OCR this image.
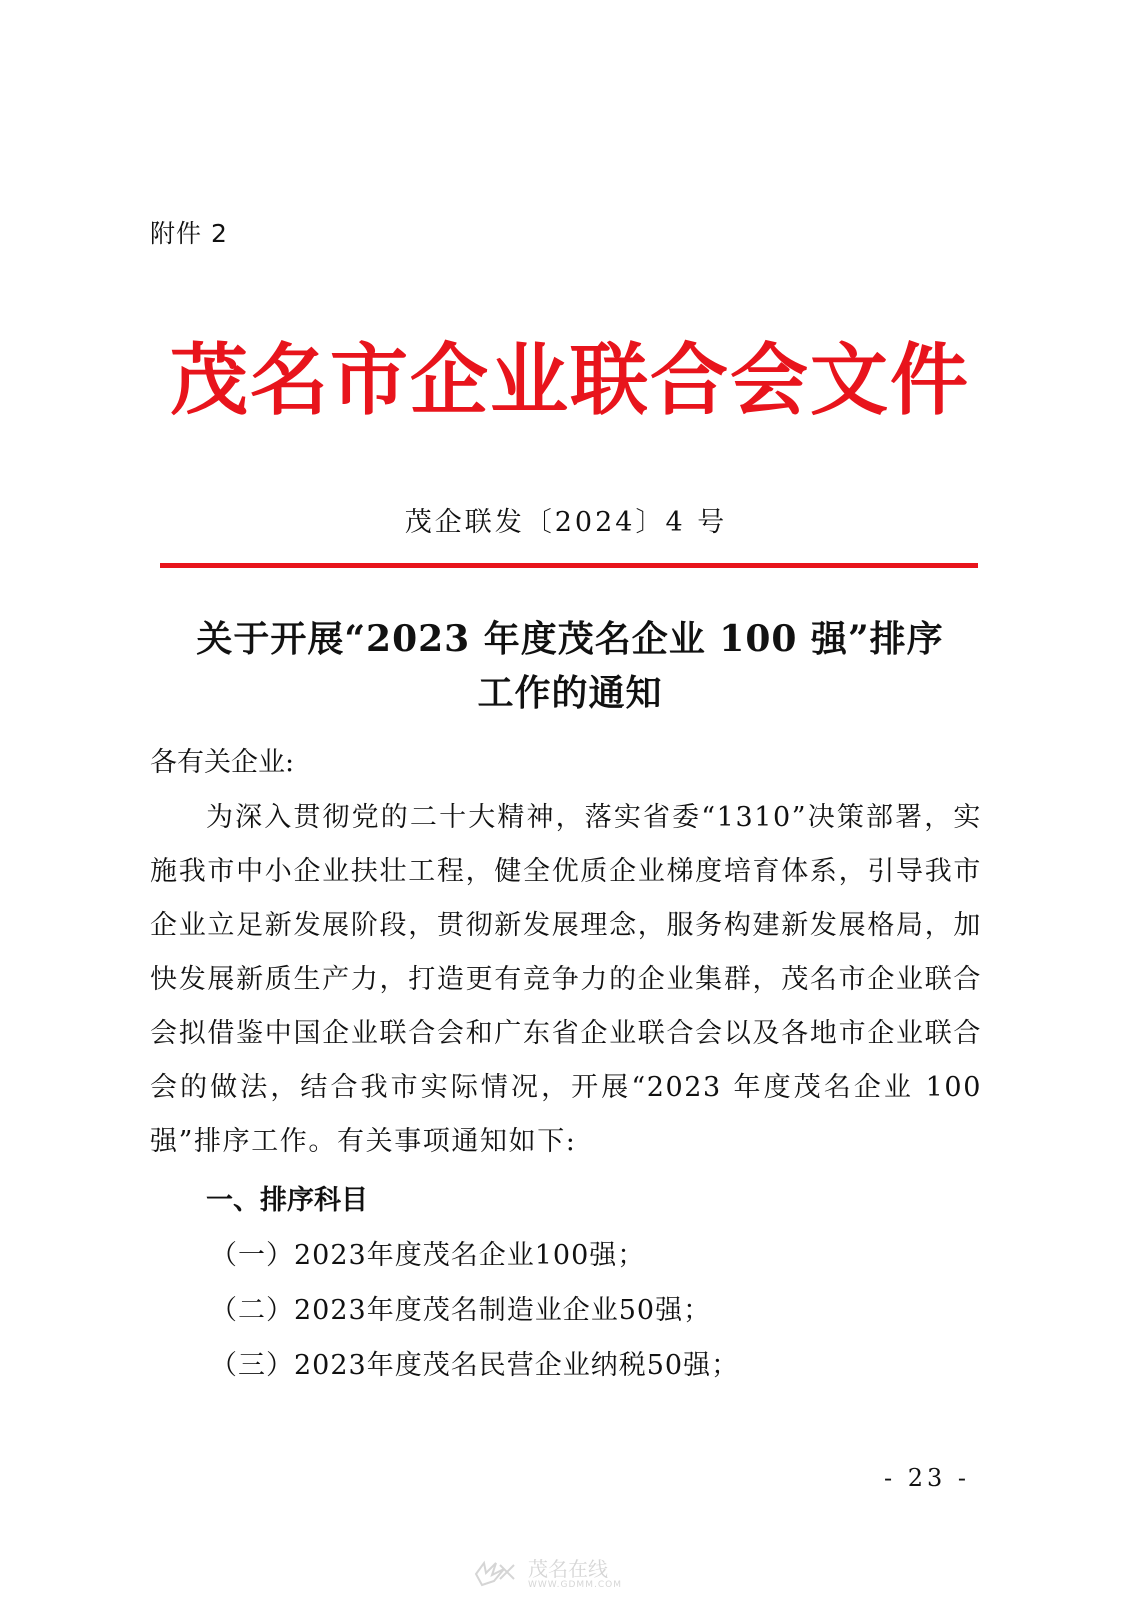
附件 2
茂名市企业联合会文件
茂企联发〔2024〕4 号
关于开展“2023 年度茂名企业 100 强”排序
工作的通知
各有关企业:
为深入贯彻党的二十大精神，落实省委“1310”决策部署，实施我市中小企业扶壮工程，健全优质企业梯度培育体系，引导我市企业立足新发展阶段，贯彻新发展理念，服务构建新发展格局，加快发展新质生产力，打造更有竞争力的企业集群，茂名市企业联合会拟借鉴中国企业联合会和广东省企业联合会以及各地市企业联合会的做法，结合我市实际情况，开展“2023 年度茂名企业 100 强”排序工作。有关事项通知如下:
一、排序科目
（一）2023年度茂名企业100强；
（二）2023年度茂名制造业企业50强；
（三）2023年度茂名民营企业纳税50强；
- 23 -
茂名在线
WWW.GDMM.COM
